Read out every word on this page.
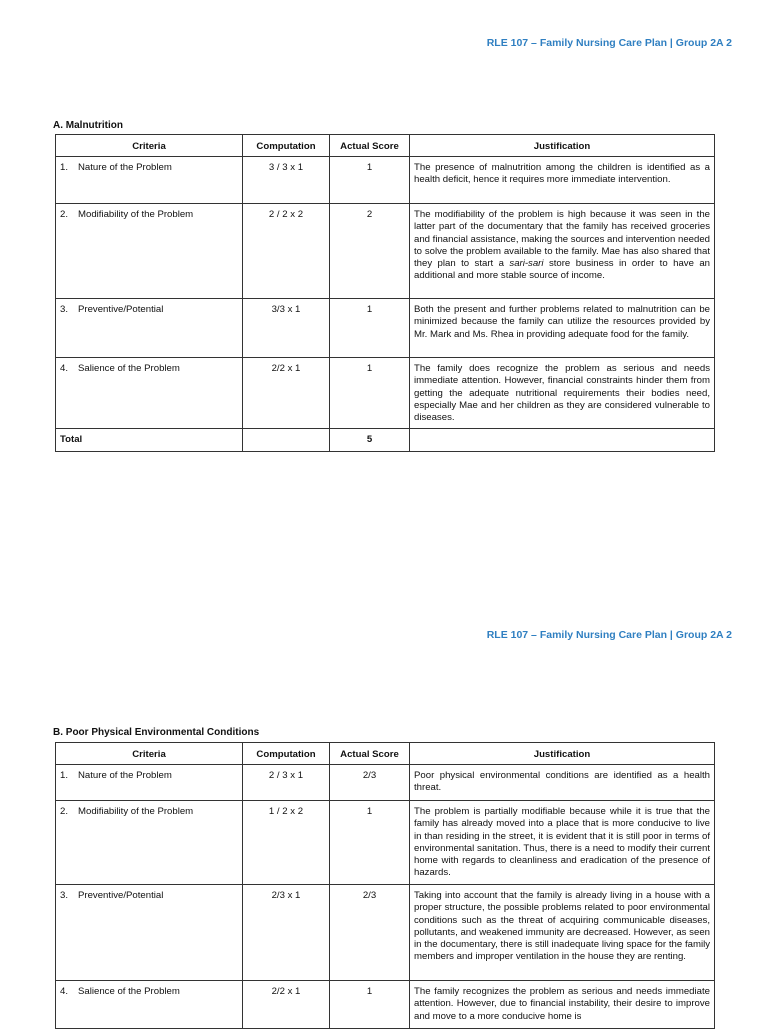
RLE 107 – Family Nursing Care Plan | Group 2A 2
A. Malnutrition
Criteria	Computation	Actual Score	Justification
1. Nature of the Problem	3 / 3 x 1	1	The presence of malnutrition among the children is identified as a health deficit, hence it requires more immediate intervention.
2. Modifiability of the Problem	2 / 2 x 2	2	The modifiability of the problem is high because it was seen in the latter part of the documentary that the family has received groceries and financial assistance, making the sources and intervention needed to solve the problem available to the family. Mae has also shared that they plan to start a sari-sari store business in order to have an additional and more stable source of income.
3. Preventive/Potential	3/3 x 1	1	Both the present and further problems related to malnutrition can be minimized because the family can utilize the resources provided by Mr. Mark and Ms. Rhea in providing adequate food for the family.
4. Salience of the Problem	2/2 x 1	1	The family does recognize the problem as serious and needs immediate attention. However, financial constraints hinder them from getting the adequate nutritional requirements their bodies need, especially Mae and her children as they are considered vulnerable to diseases.
Total		5	
RLE 107 – Family Nursing Care Plan | Group 2A 2
B. Poor Physical Environmental Conditions
Criteria	Computation	Actual Score	Justification
1. Nature of the Problem	2 / 3 x 1	2/3	Poor physical environmental conditions are identified as a health threat.
2. Modifiability of the Problem	1 / 2 x 2	1	The problem is partially modifiable because while it is true that the family has already moved into a place that is more conducive to live in than residing in the street, it is evident that it is still poor in terms of environmental sanitation. Thus, there is a need to modify their current home with regards to cleanliness and eradication of the presence of hazards.
3. Preventive/Potential	2/3 x 1	2/3	Taking into account that the family is already living in a house with a proper structure, the possible problems related to poor environmental conditions such as the threat of acquiring communicable diseases, pollutants, and weakened immunity are decreased. However, as seen in the documentary, there is still inadequate living space for the family members and improper ventilation in the house they are renting.
4. Salience of the Problem	2/2 x 1	1	The family recognizes the problem as serious and needs immediate attention. However, due to financial instability, their desire to improve and move to a more conducive home is
